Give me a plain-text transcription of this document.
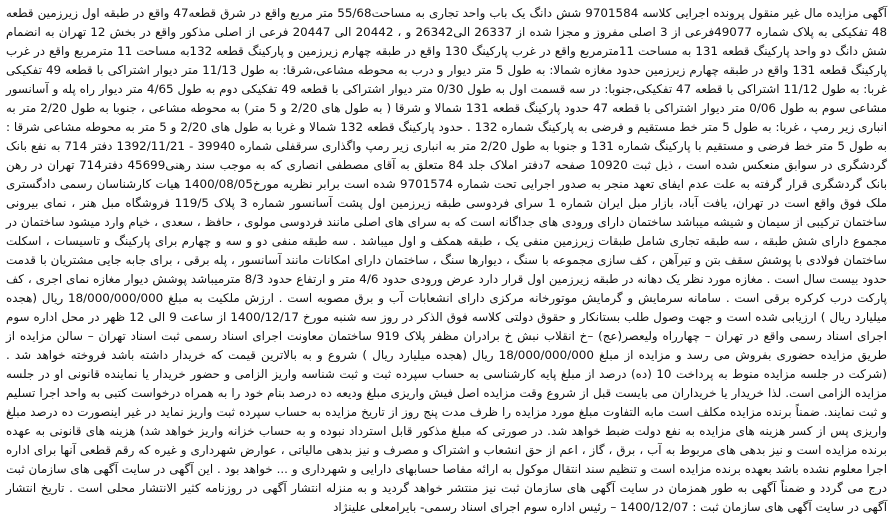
آگهی مزایده مال غیر منقول پرونده اجرایی کلاسه 9701584 شش دانگ یک باب واحد تجاری به مساحت55/68 متر مربع واقع در شرق قطعه47 واقع در طبقه اول زیرزمین قطعه 48 تفکیکی به پلاک شماره 49077فرعی از 3 اصلی مفروز و مجزا شده از 26337 الی26342 و ، 20442 الی 20447 فرعی از اصلی مذکور واقع در بخش 12 تهران به انضمام شش دانگ دو واحد پارکینگ قطعه 131 به مساحت 11مترمربع واقع در غرب پارکینگ 130 واقع در طبقه چهارم زیرزمین و پارکینگ قطعه 132به مساحت 11 مترمربع واقع در غرب پارکینگ قطعه 131 واقع در طبقه چهارم زیرزمین حدود مغازه شمالا: به طول 5 متر دیوار و درب به محوطه مشاعی،شرقا: به طول 11/13 متر دیوار اشتراکی با قطعه 49 تفکیکی غربا: به طول 11/12 اشتراکی با قطعه 47 تفکیکی،جنوبا: در سه قسمت اول به طول 0/30 متر دیوار اشتراکی با قطعه 49 تفکیکی دوم به طول 4/65 متر دیوار راه پله و آسانسور مشاعی سوم به طول 0/06 متر دیوار اشتراکی با قطعه 47 حدود پارکینگ قطعه 131 شمالا و شرقا ( به طول های 2/20 و 5 متر) به محوطه مشاعی ، جنوبا به طول 2/20 متر به انباری زیر رمپ ، غربا: به طول 5 متر خط مستقیم و فرضی به پارکینگ شماره 132 . حدود پارکینگ قطعه 132 شمالا و غربا به طول های 2/20 و 5 متر به محوطه مشاعی شرقا : به طول 5 متر خط فرضی و مستقیم با پارکینگ شماره 131 و جنوبا به طول 2/20 متر به انباری زیر رمپ واگذاری سرقفلی شماره 39940 - 1392/11/21 دفتر 714 به نفع بانک گردشگری در سوابق منعکس شده است ، ذیل ثبت 10920 صفحه 7دفتر املاک جلد 84 متعلق به آقای مصطفی انصاری که به موجب سند رهنی45699 دفتر714 تهران در رهن بانک گردشگری قرار گرفته به علت عدم ایفای تعهد منجر به صدور اجرایی تحت شماره 9701574 شده است برابر نظریه مورخ1400/08/05 هیات کارشناسان رسمی دادگستری ملک فوق واقع است در تهران، یافت آباد، بازار مبل ایران شماره 1 سرای فردوسی طبقه زیرزمین اول پشت آسانسور شماره 3 پلاک 119/5 فروشگاه مبل هنر ، نمای بیرونی ساختمان ترکیبی از سیمان و شیشه میباشد ساختمان دارای ورودی های جداگانه است که به سرای های اصلی مانند فردوسی مولوی ، حافظ ، سعدی ، خیام وارد میشود ساختمان در مجموع دارای شش طبقه ، سه طبقه تجاری شامل طبقات زیرزمین منفی یک ، طبقه همکف و اول میباشد . سه طبقه منفی دو و سه و چهارم برای پارکینگ و تاسیسات ، اسکلت ساختمان فولادی با پوشش سقف بتن و تیرآهن ، کف سازی مجموعه با سنگ ، دیوارها سنگ ، ساختمان دارای امکانات مانند آسانسور ، پله برقی ، برای جابه جایی مشتریان با قدمت حدود بیست سال است . مغازه مورد نظر یک دهانه در طبقه زیرزمین اول قرار دارد عرض ورودی حدود 4/6 متر و ارتفاع حدود 8/3 مترمیباشد پوشش دیوار مغازه نمای اجری ، کف پارکت درب کرکره برقی است . سامانه سرمایش و گرمایش موتورخانه مرکزی دارای انشعابات آب و برق مصوبه است . ارزش ملکیت به مبلغ 18/000/000/000 ریال (هجده میلیارد ریال ) ارزیابی شده است و جهت وصول طلب بستانکار و حقوق دولتی کلاسه فوق الذکر در روز سه شنبه مورخ 1400/12/17 از ساعت 9 الی 12 ظهر در محل اداره سوم اجرای اسناد رسمی واقع در تهران – چهارراه ولیعصر(عج) –خ انقلاب نبش خ برادران مظفر پلاک 919 ساختمان معاونت اجرای اسناد رسمی ثبت اسناد تهران – سالن مزایده از طریق مزایده حضوری بفروش می رسد و مزایده از مبلغ 18/000/000/000 ریال (هجده میلیارد ریال ) شروع و به بالاترین قیمت که خریدار داشته باشد فروخته خواهد شد . (شرکت در جلسه مزایده منوط به پرداخت 10 (ده) درصد از مبلغ پایه کارشناسی به حساب سپرده ثبت و ثبت شناسه واریز الزامی و حضور خریدار یا نماینده قانونی او در جلسه مزایده الزامی است. لذا خریدار یا خریداران می بایست قبل از شروع وقت مزایده اصل فیش واریزی مبلغ ودیعه ده درصد بنام خود را به همراه درخواست کتبی به واحد اجرا تسلیم و ثبت نمایند. ضمناً برنده مزایده مکلف است مابه التفاوت مبلغ مورد مزایده را ظرف مدت پنج روز از تاریخ مزایده به حساب سپرده ثبت واریز نماید در غیر اینصورت ده درصد مبلغ واریزی پس از کسر هزینه های مزایده به نفع دولت ضبط خواهد شد. در صورتی که مبلغ مذکور قابل استرداد نبوده و به حساب خزانه واریز خواهد شد) هزینه های قانونی به عهده برنده مزایده است و نیز بدهی های مربوط به آب ، برق ، گاز ، اعم از حق انشعاب و اشتراک و مصرف و نیز بدهی مالیاتی ، عوارض شهرداری و غیره که رقم قطعی آنها برای اداره اجرا معلوم نشده باشد بعهده برنده مزایده است و تنظیم سند انتقال موکول به ارائه مفاصا حسابهای دارایی و شهرداری و ... خواهد بود . این آگهی در سایت آگهی های سازمان ثبت درج می گردد و ضمناً آگهی به طور همزمان در سایت آگهی های سازمان ثبت نیز منتشر خواهد گردید و به منزله انتشار آگهی در روزنامه کثیر الانتشار محلی است . تاریخ انتشار آگهی در سایت آگهی های سازمان ثبت : 1400/12/07 – رئیس اداره سوم اجرای اسناد رسمی- بایرامعلی علینژاد
